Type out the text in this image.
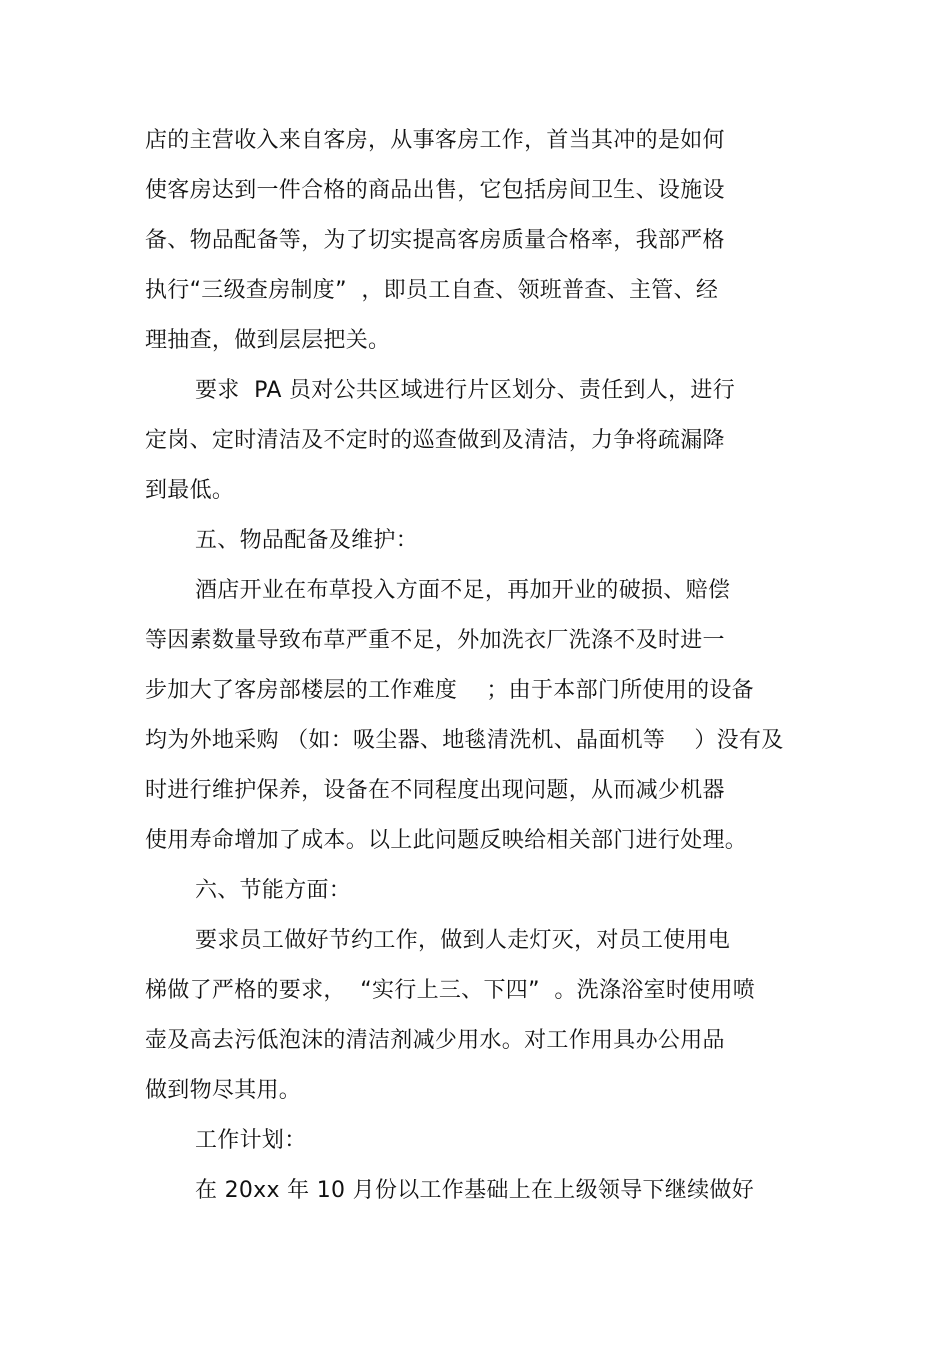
店的主营收入来自客房，从事客房工作，首当其冲的是如何
使客房达到一件合格的商品出售，它包括房间卫生、设施设
备、物品配备等，为了切实提高客房质量合格率，我部严格
执行“三级查房制度”  ，即员工自查、领班普查、主管、经
理抽查，做到层层把关。
要求  PA 员对公共区域进行片区划分、责任到人，进行
定岗、定时清洁及不定时的巡查做到及清洁，力争将疏漏降
到最低。
五、物品配备及维护：
酒店开业在布草投入方面不足，再加开业的破损、赔偿
等因素数量导致布草严重不足，外加洗衣厂洗涤不及时进一
步加大了客房部楼层的工作难度    ；由于本部门所使用的设备
均为外地采购 （如：吸尘器、地毯清洗机、晶面机等    ）没有及
时进行维护保养，设备在不同程度出现问题，从而减少机器
使用寿命增加了成本。以上此问题反映给相关部门进行处理。
六、节能方面：
要求员工做好节约工作，做到人走灯灭，对员工使用电
梯做了严格的要求，  “实行上三、下四”  。洗涤浴室时使用喷
壶及高去污低泡沫的清洁剂减少用水。对工作用具办公用品
做到物尽其用。
工作计划：
在 20xx 年 10 月份以工作基础上在上级领导下继续做好
